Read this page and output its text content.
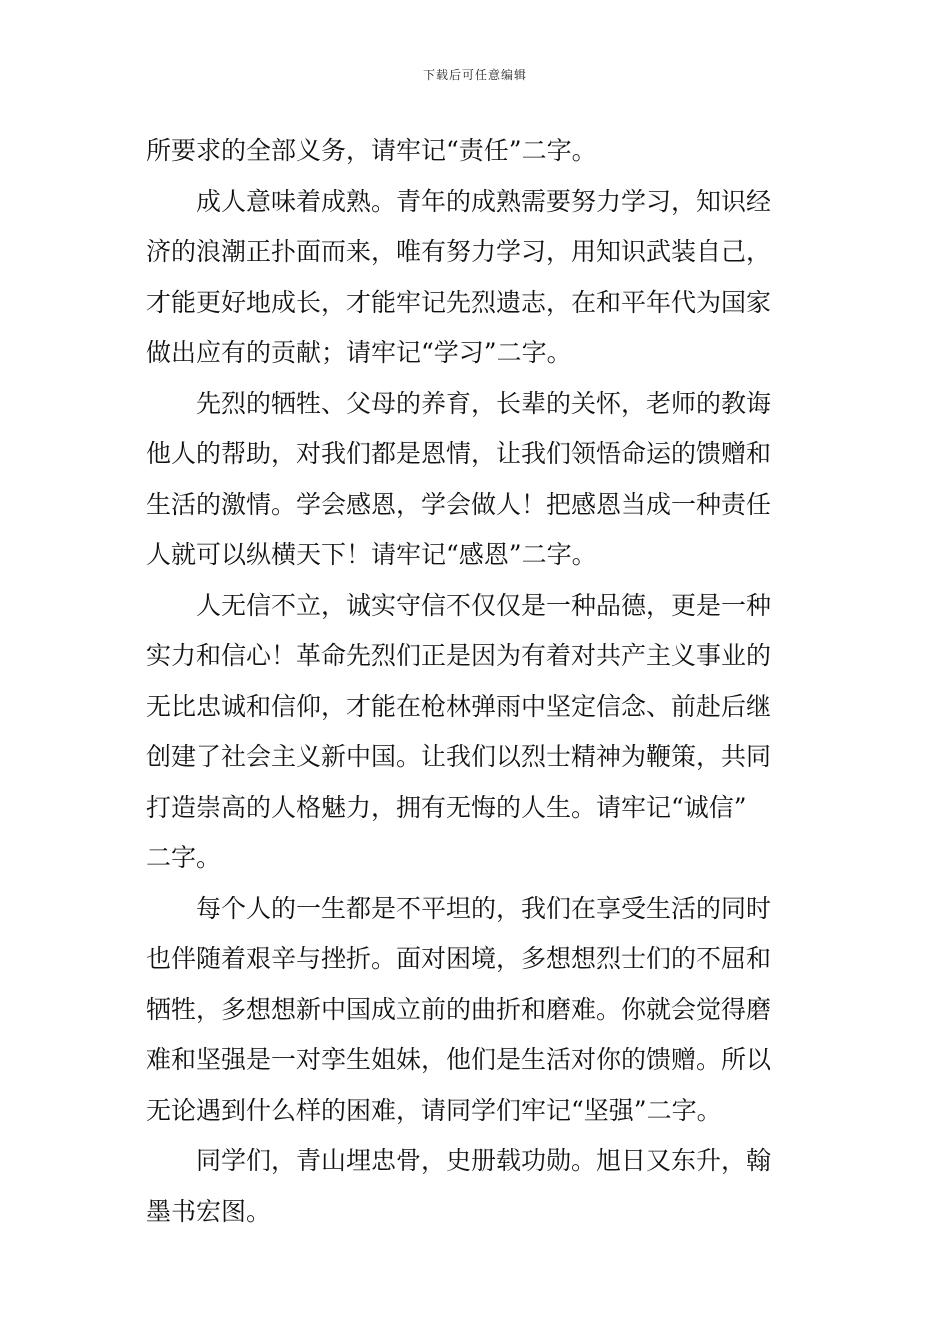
下载后可任意编辑
所要求的全部义务，请牢记“责任”二字。
成人意味着成熟。青年的成熟需要努力学习，知识经
济的浪潮正扑面而来，唯有努力学习，用知识武装自己，
才能更好地成长，才能牢记先烈遗志，在和平年代为国家
做出应有的贡献；请牢记“学习”二字。
先烈的牺牲、父母的养育，长辈的关怀，老师的教诲
他人的帮助，对我们都是恩情，让我们领悟命运的馈赠和
生活的激情。学会感恩，学会做人！把感恩当成一种责任
人就可以纵横天下！请牢记“感恩”二字。
人无信不立，诚实守信不仅仅是一种品德，更是一种
实力和信心！革命先烈们正是因为有着对共产主义事业的
无比忠诚和信仰，才能在枪林弹雨中坚定信念、前赴后继
创建了社会主义新中国。让我们以烈士精神为鞭策，共同
打造崇高的人格魅力，拥有无悔的人生。请牢记“诚信”
二字。
每个人的一生都是不平坦的，我们在享受生活的同时
也伴随着艰辛与挫折。面对困境，多想想烈士们的不屈和
牺牲，多想想新中国成立前的曲折和磨难。你就会觉得磨
难和坚强是一对孪生姐妹，他们是生活对你的馈赠。所以
无论遇到什么样的困难，请同学们牢记“坚强”二字。
同学们，青山埋忠骨，史册载功勋。旭日又东升，翰
墨书宏图。
